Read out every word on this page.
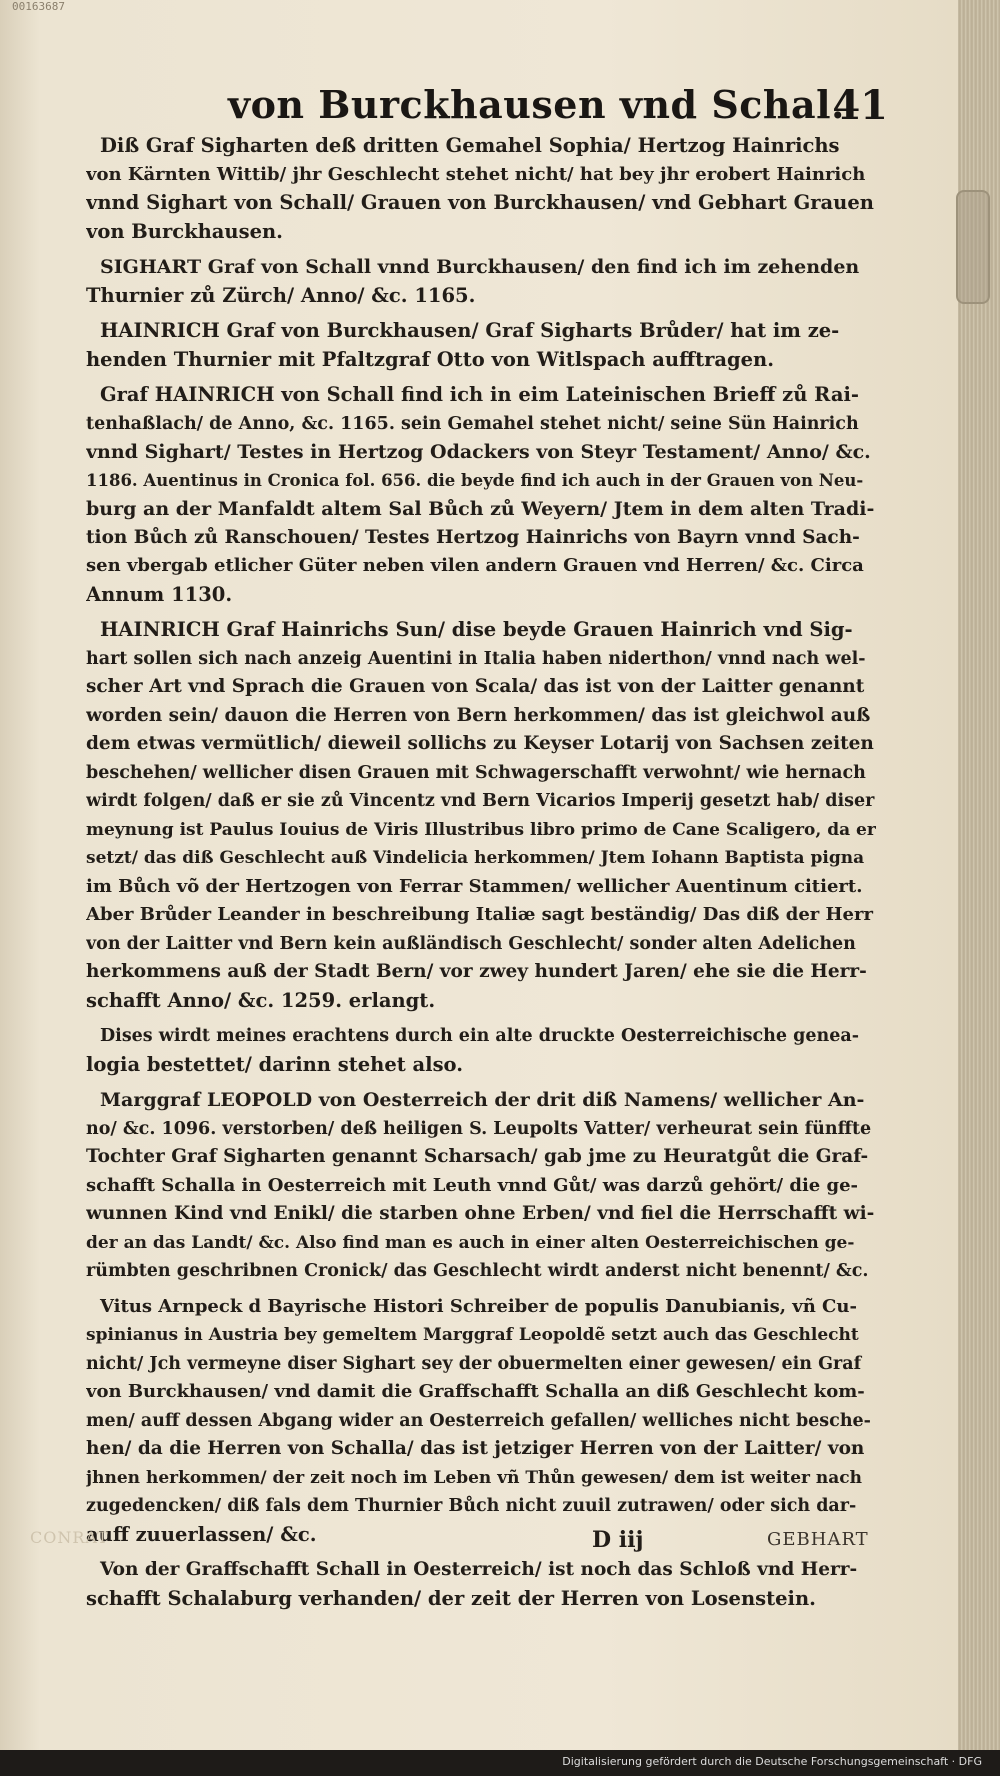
00163687
von Burckhausen vnd Schal.
41
Diß Graf Sigharten deß dritten Gemahel Sophia/ Hertzog Hainrichs
von Kärnten Wittib/ jhr Geschlecht stehet nicht/ hat bey jhr erobert Hainrich
vnnd Sighart von Schall/ Grauen von Burckhausen/ vnd Gebhart Grauen
von Burckhausen.
SIGHART Graf von Schall vnnd Burckhausen/ den find ich im zehenden
Thurnier zů Zürch/ Anno/ &c. 1165.
HAINRICH Graf von Burckhausen/ Graf Sigharts Brůder/ hat im ze-
henden Thurnier mit Pfaltzgraf Otto von Witlspach aufftragen.
Graf HAINRICH von Schall find ich in eim Lateinischen Brieff zů Rai-
tenhaßlach/ de Anno, &c. 1165. sein Gemahel stehet nicht/ seine Sün Hainrich
vnnd Sighart/ Testes in Hertzog Odackers von Steyr Testament/ Anno/ &c.
1186. Auentinus in Cronica fol. 656. die beyde find ich auch in der Grauen von Neu-
burg an der Manfaldt altem Sal Bůch zů Weyern/ Jtem in dem alten Tradi-
tion Bůch zů Ranschouen/ Testes Hertzog Hainrichs von Bayrn vnnd Sach-
sen vbergab etlicher Güter neben vilen andern Grauen vnd Herren/ &c. Circa
Annum 1130.
HAINRICH Graf Hainrichs Sun/ dise beyde Grauen Hainrich vnd Sig-
hart sollen sich nach anzeig Auentini in Italia haben niderthon/ vnnd nach wel-
scher Art vnd Sprach die Grauen von Scala/ das ist von der Laitter genannt
worden sein/ dauon die Herren von Bern herkommen/ das ist gleichwol auß
dem etwas vermütlich/ dieweil sollichs zu Keyser Lotarij von Sachsen zeiten
beschehen/ wellicher disen Grauen mit Schwagerschafft verwohnt/ wie hernach
wirdt folgen/ daß er sie zů Vincentz vnd Bern Vicarios Imperij gesetzt hab/ diser
meynung ist Paulus Iouius de Viris Illustribus libro primo de Cane Scaligero, da er
setzt/ das diß Geschlecht auß Vindelicia herkommen/ Jtem Iohann Baptista pigna
im Bůch võ der Hertzogen von Ferrar Stammen/ wellicher Auentinum citiert.
Aber Brůder Leander in beschreibung Italiæ sagt beständig/ Das diß der Herr
von der Laitter vnd Bern kein außländisch Geschlecht/ sonder alten Adelichen
herkommens auß der Stadt Bern/ vor zwey hundert Jaren/ ehe sie die Herr-
schafft Anno/ &c. 1259. erlangt.
Dises wirdt meines erachtens durch ein alte druckte Oesterreichische genea-
logia bestettet/ darinn stehet also.
Marggraf LEOPOLD von Oesterreich der drit diß Namens/ wellicher An-
no/ &c. 1096. verstorben/ deß heiligen S. Leupolts Vatter/ verheurat sein fünffte
Tochter Graf Sigharten genannt Scharsach/ gab jme zu Heuratgůt die Graf-
schafft Schalla in Oesterreich mit Leuth vnnd Gůt/ was darzů gehört/ die ge-
wunnen Kind vnd Enikl/ die starben ohne Erben/ vnd fiel die Herrschafft wi-
der an das Landt/ &c. Also find man es auch in einer alten Oesterreichischen ge-
rümbten geschribnen Cronick/ das Geschlecht wirdt anderst nicht benennt/ &c.
Vitus Arnpeck d Bayrische Histori Schreiber de populis Danubianis, vñ Cu-
spinianus in Austria bey gemeltem Marggraf Leopoldẽ setzt auch das Geschlecht
nicht/ Jch vermeyne diser Sighart sey der obuermelten einer gewesen/ ein Graf
von Burckhausen/ vnd damit die Graffschafft Schalla an diß Geschlecht kom-
men/ auff dessen Abgang wider an Oesterreich gefallen/ welliches nicht besche-
hen/ da die Herren von Schalla/ das ist jetziger Herren von der Laitter/ von
jhnen herkommen/ der zeit noch im Leben vñ Thůn gewesen/ dem ist weiter nach
zugedencken/ diß fals dem Thurnier Bůch nicht zuuil zutrawen/ oder sich dar-
auff zuuerlassen/ &c.
Von der Graffschafft Schall in Oesterreich/ ist noch das Schloß vnd Herr-
schafft Schalaburg verhanden/ der zeit der Herren von Losenstein.
CONRAT	D iij	GEBHART
Digitalisierung gefördert durch die Deutsche Forschungsgemeinschaft · DFG
